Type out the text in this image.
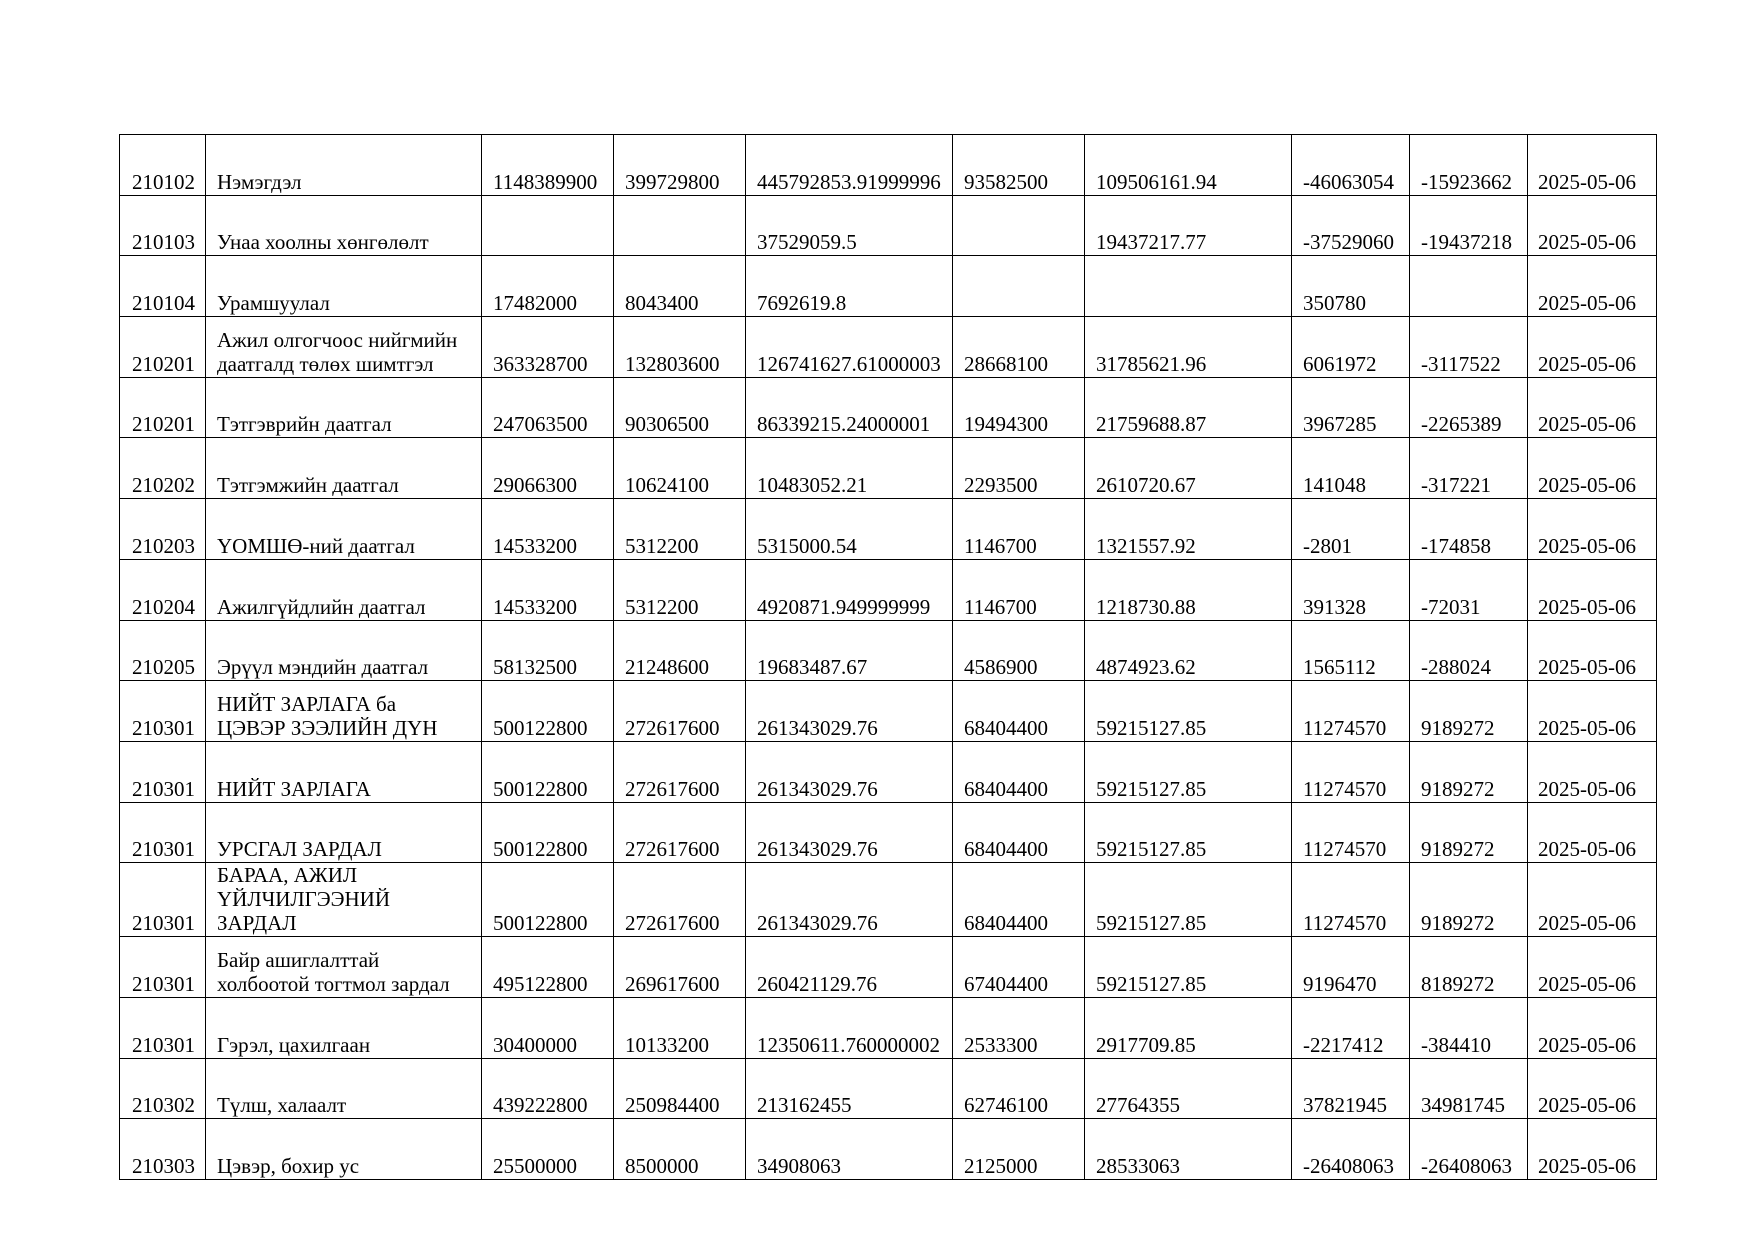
210102	Нэмэгдэл	1148389900	399729800	445792853.91999996	93582500	109506161.94	-46063054	-15923662	2025-05-06
210103	Унаа хоолны хөнгөлөлт			37529059.5		19437217.77	-37529060	-19437218	2025-05-06
210104	Урамшуулал	17482000	8043400	7692619.8			350780		2025-05-06
210201	Ажил олгогчоос нийгмийн
даатгалд төлөх шимтгэл	363328700	132803600	126741627.61000003	28668100	31785621.96	6061972	-3117522	2025-05-06
210201	Тэтгэврийн даатгал	247063500	90306500	86339215.24000001	19494300	21759688.87	3967285	-2265389	2025-05-06
210202	Тэтгэмжийн даатгал	29066300	10624100	10483052.21	2293500	2610720.67	141048	-317221	2025-05-06
210203	ҮОМШӨ-ний даатгал	14533200	5312200	5315000.54	1146700	1321557.92	-2801	-174858	2025-05-06
210204	Ажилгүйдлийн даатгал	14533200	5312200	4920871.949999999	1146700	1218730.88	391328	-72031	2025-05-06
210205	Эрүүл мэндийн даатгал	58132500	21248600	19683487.67	4586900	4874923.62	1565112	-288024	2025-05-06
210301	НИЙТ ЗАРЛАГА ба
ЦЭВЭР ЗЭЭЛИЙН ДҮН	500122800	272617600	261343029.76	68404400	59215127.85	11274570	9189272	2025-05-06
210301	НИЙТ ЗАРЛАГА	500122800	272617600	261343029.76	68404400	59215127.85	11274570	9189272	2025-05-06
210301	УРСГАЛ ЗАРДАЛ	500122800	272617600	261343029.76	68404400	59215127.85	11274570	9189272	2025-05-06
210301	БАРАА, АЖИЛ
ҮЙЛЧИЛГЭЭНИЙ
ЗАРДАЛ	500122800	272617600	261343029.76	68404400	59215127.85	11274570	9189272	2025-05-06
210301	Байр ашиглалттай
холбоотой тогтмол зардал	495122800	269617600	260421129.76	67404400	59215127.85	9196470	8189272	2025-05-06
210301	Гэрэл, цахилгаан	30400000	10133200	12350611.760000002	2533300	2917709.85	-2217412	-384410	2025-05-06
210302	Түлш, халаалт	439222800	250984400	213162455	62746100	27764355	37821945	34981745	2025-05-06
210303	Цэвэр, бохир ус	25500000	8500000	34908063	2125000	28533063	-26408063	-26408063	2025-05-06
